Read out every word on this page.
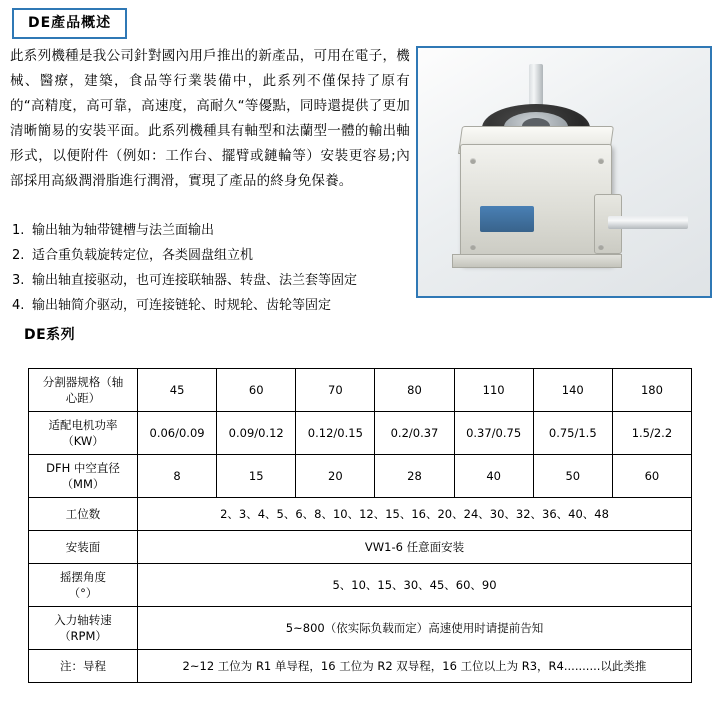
DE產品概述
此系列機種是我公司針對國內用戶推出的新產品，可用在電子，機械、醫療，建築，食品等行業裝備中，此系列不僅保持了原有的“高精度，高可靠，高速度，高耐久“等優點，同時還提供了更加清晰簡易的安裝平面。此系列機種具有軸型和法蘭型一體的輸出軸形式，以便附件（例如：工作台、擺臂或鏈輪等）安裝更容易;內部採用高級潤滑脂進行潤滑，實現了產品的終身免保養。
1. 输出轴为轴带键槽与法兰面输出
2. 适合重负载旋转定位，各类圆盘组立机
3. 输出轴直接驱动，也可连接联轴器、转盘、法兰套等固定
4. 输出轴简介驱动，可连接链轮、时规轮、齿轮等固定
DE系列
分割器规格（轴
心距）	45	60	70	80	110	140	180
适配电机功率
（KW）	0.06/0.09	0.09/0.12	0.12/0.15	0.2/0.37	0.37/0.75	0.75/1.5	1.5/2.2
DFH 中空直径
（MM）	8	15	20	28	40	50	60
工位数	2、3、4、5、6、8、10、12、15、16、20、24、30、32、36、40、48						
安装面	VW1-6 任意面安装						
摇摆角度
（°）	5、10、15、30、45、60、90						
入力轴转速
（RPM）	5~800（依实际负载而定）高速使用时请提前告知						
注：导程	2~12 工位为 R1 单导程，16 工位为 R2 双导程，16 工位以上为 R3，R4..........以此类推						
